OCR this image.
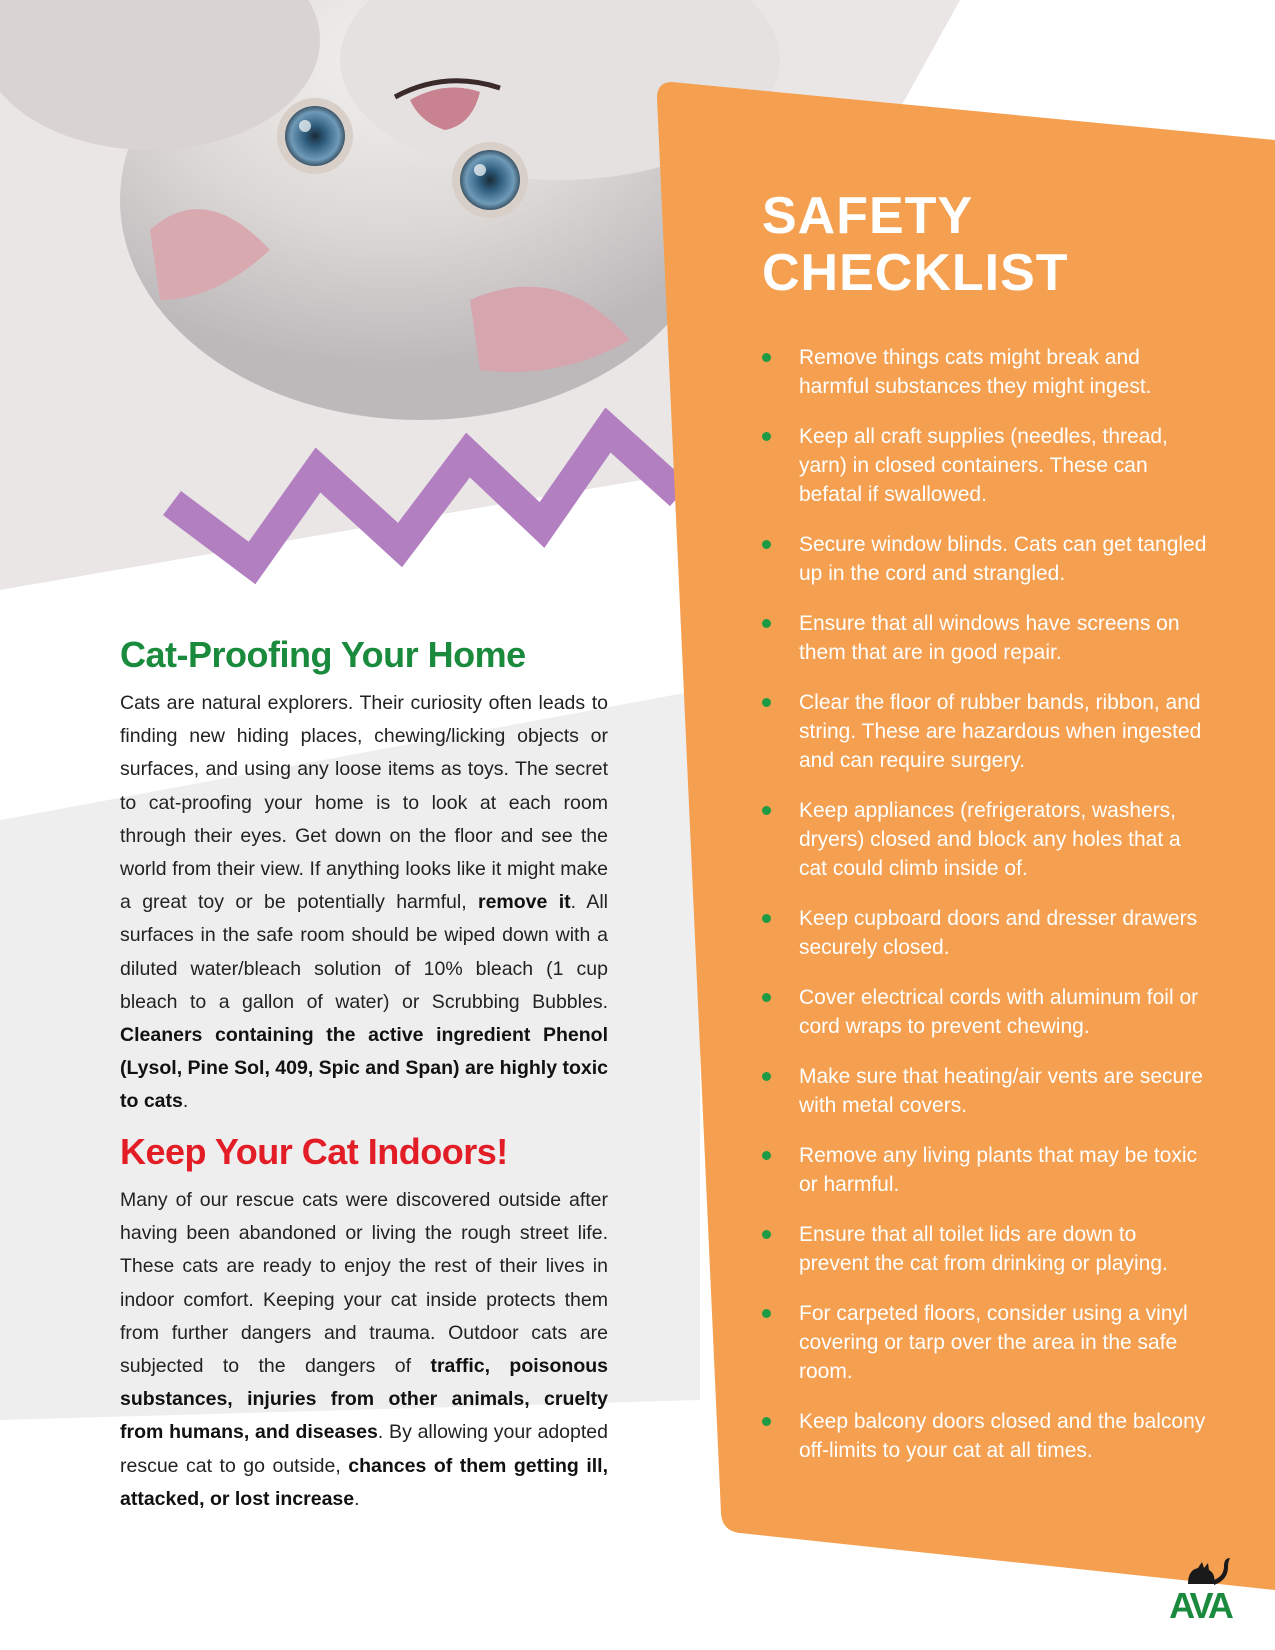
Cat-Proofing Your Home

Cats are natural explorers. Their curiosity often leads to finding new hiding places, chewing/licking objects or surfaces, and using any loose items as toys. The secret to cat-proofing your home is to look at each room through their eyes. Get down on the floor and see the world from their view. If anything looks like it might make a great toy or be potentially harmful, remove it. All surfaces in the safe room should be wiped down with a diluted water/bleach solution of 10% bleach (1 cup bleach to a gallon of water) or Scrubbing Bubbles. Cleaners containing the active ingredient Phenol (Lysol, Pine Sol, 409, Spic and Span) are highly toxic to cats.

Keep Your Cat Indoors!

Many of our rescue cats were discovered outside after having been abandoned or living the rough street life. These cats are ready to enjoy the rest of their lives in indoor comfort. Keeping your cat inside protects them from further dangers and trauma. Outdoor cats are subjected to the dangers of traffic, poisonous substances, injuries from other animals, cruelty from humans, and diseases. By allowing your adopted rescue cat to go outside, chances of them getting ill, attacked, or lost increase.

SAFETY
CHECKLIST
Remove things cats might break and harmful substances they might ingest.
Keep all craft supplies (needles, thread, yarn) in closed containers. These can befatal if swallowed.
Secure window blinds. Cats can get tangled up in the cord and strangled.
Ensure that all windows have screens on them that are in good repair.
Clear the floor of rubber bands, ribbon, and string. These are hazardous when ingested and can require surgery.
Keep appliances (refrigerators, washers, dryers) closed and block any holes that a cat could climb inside of.
Keep cupboard doors and dresser drawers securely closed.
Cover electrical cords with aluminum foil or cord wraps to prevent chewing.
Make sure that heating/air vents are secure with metal covers.
Remove any living plants that may be toxic or harmful.
Ensure that all toilet lids are down to prevent the cat from drinking or playing.
For carpeted floors, consider using a vinyl covering or tarp over the area in the safe room.
Keep balcony doors closed and the balcony off-limits to your cat at all times.
AVA
